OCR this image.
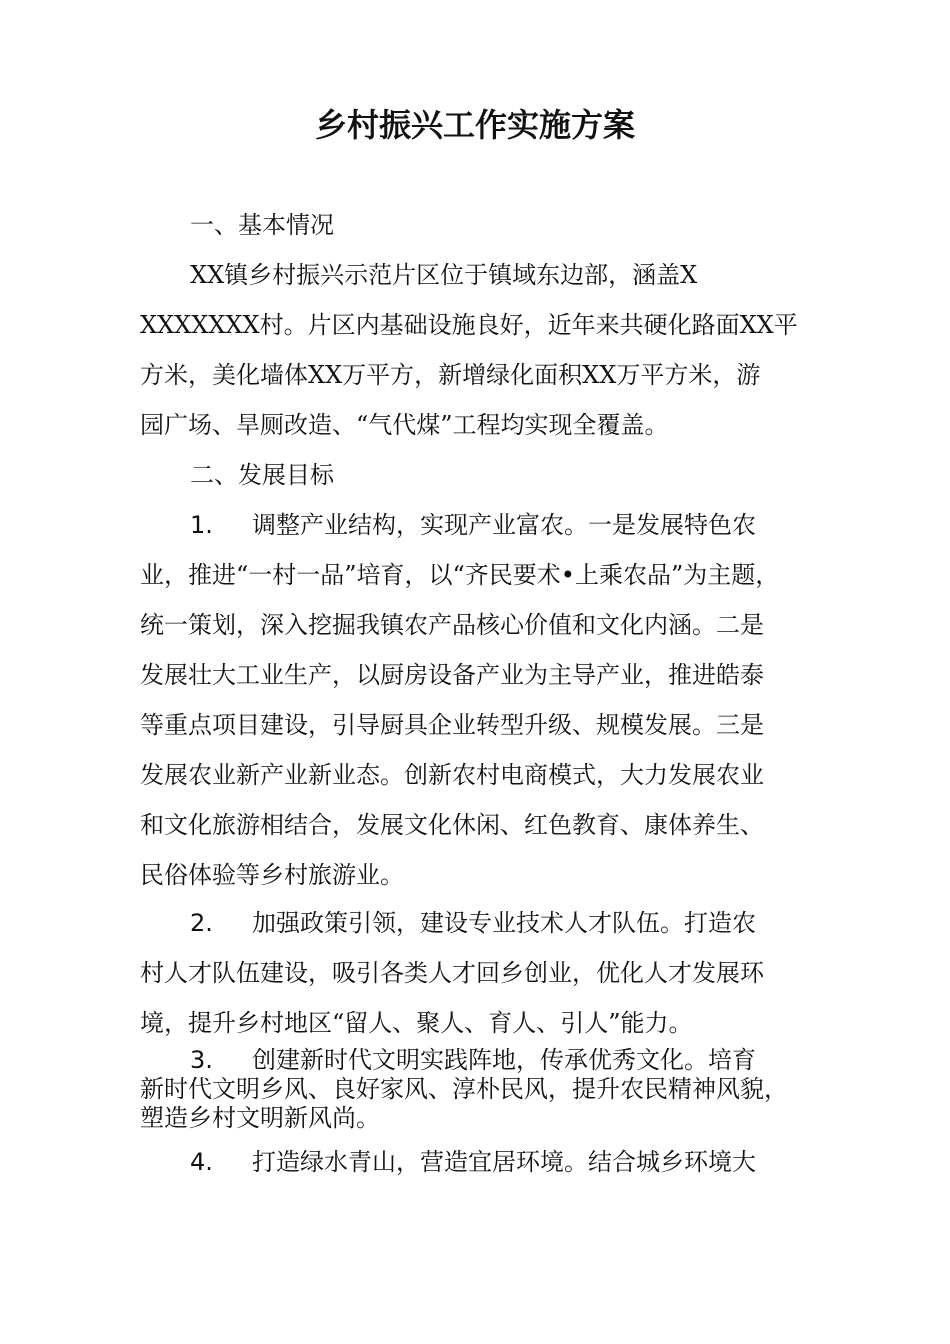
乡村振兴工作实施方案
一、基本情况
XX镇乡村振兴示范片区位于镇域东边部，涵盖X
XXXXXXX村。片区内基础设施良好，近年来共硬化路面XX平
方米，美化墙体XX万平方，新增绿化面积XX万平方米，游
园广场、旱厕改造、“气代煤”工程均实现全覆盖。
二、发展目标
1. 调整产业结构，实现产业富农。一是发展特色农
业，推进“一村一品”培育，以“齐民要术•上乘农品”为主题，
统一策划，深入挖掘我镇农产品核心价值和文化内涵。二是
发展壮大工业生产，以厨房设备产业为主导产业，推进皓泰
等重点项目建设，引导厨具企业转型升级、规模发展。三是
发展农业新产业新业态。创新农村电商模式，大力发展农业
和文化旅游相结合，发展文化休闲、红色教育、康体养生、
民俗体验等乡村旅游业。
2. 加强政策引领，建设专业技术人才队伍。打造农
村人才队伍建设，吸引各类人才回乡创业，优化人才发展环
境，提升乡村地区“留人、聚人、育人、引人”能力。
3. 创建新时代文明实践阵地，传承优秀文化。培育
新时代文明乡风、良好家风、淳朴民风，提升农民精神风貌，
塑造乡村文明新风尚。
4. 打造绿水青山，营造宜居环境。结合城乡环境大
